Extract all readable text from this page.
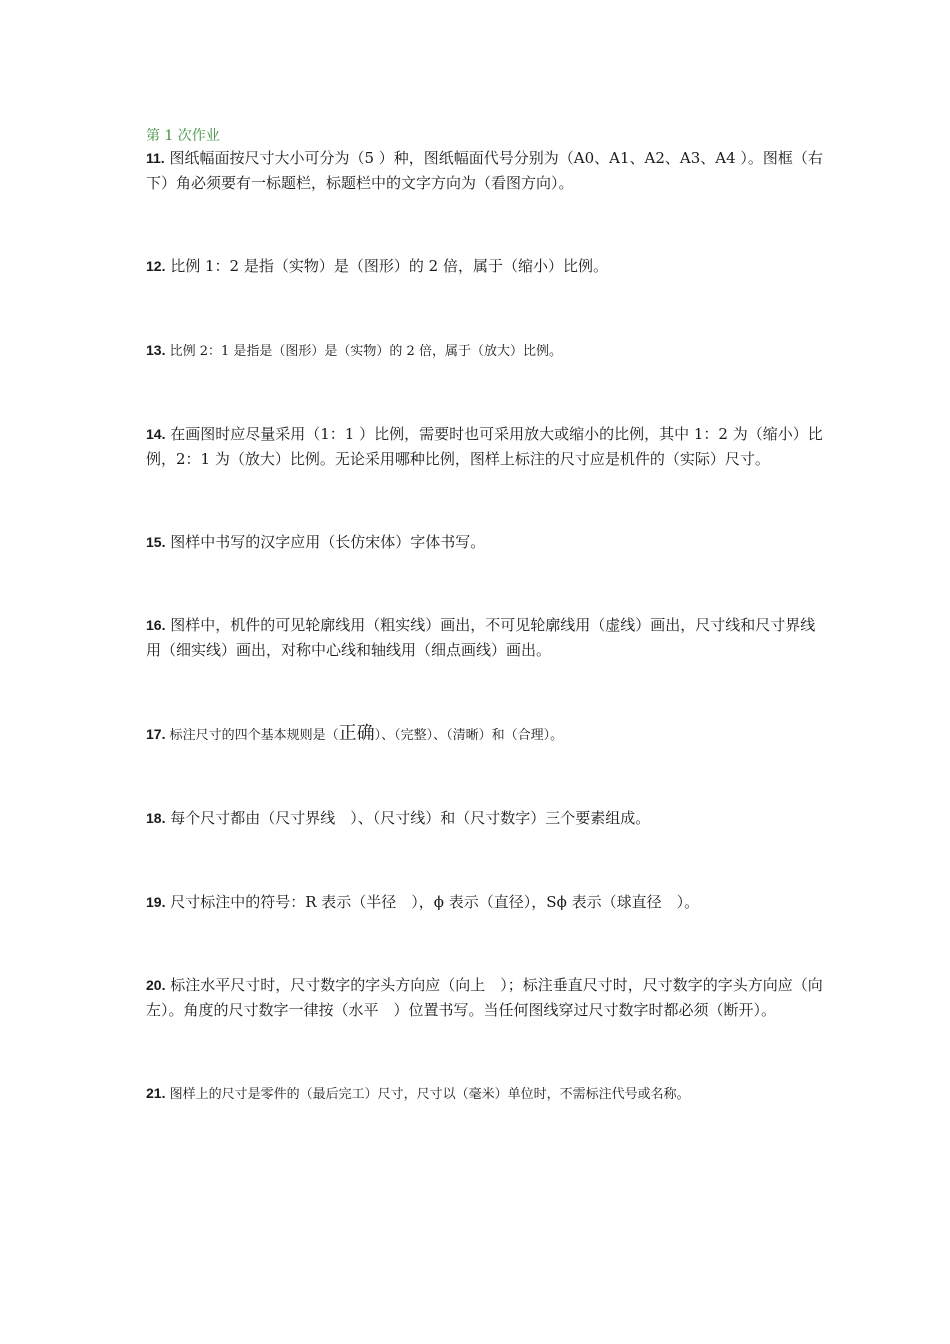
第 1 次作业

11. 图纸幅面按尺寸大小可分为（5 ）种，图纸幅面代号分别为（A0、A1、A2、A3、A4 ）。图框（右下）角必须要有一标题栏，标题栏中的文字方向为（看图方向）。

12. 比例 1：2 是指（实物）是（图形）的 2 倍，属于（缩小）比例。

13. 比例 2：1 是指是（图形）是（实物）的 2 倍，属于（放大）比例。

14. 在画图时应尽量采用（1：1 ）比例，需要时也可采用放大或缩小的比例，其中 1：2 为（缩小）比例，2：1 为（放大）比例。无论采用哪种比例，图样上标注的尺寸应是机件的（实际）尺寸。

15. 图样中书写的汉字应用（长仿宋体）字体书写。

16. 图样中，机件的可见轮廓线用（粗实线）画出，不可见轮廓线用（虚线）画出，尺寸线和尺寸界线用（细实线）画出，对称中心线和轴线用（细点画线）画出。

17. 标注尺寸的四个基本规则是（正确）、（完整）、（清晰）和（合理）。

18. 每个尺寸都由（尺寸界线　）、（尺寸线）和（尺寸数字）三个要素组成。

19. 尺寸标注中的符号：R 表示（半径　），ϕ 表示（直径），Sϕ 表示（球直径　）。

20. 标注水平尺寸时，尺寸数字的字头方向应（向上　）；标注垂直尺寸时，尺寸数字的字头方向应（向左）。角度的尺寸数字一律按（水平　）位置书写。当任何图线穿过尺寸数字时都必须（断开）。

21. 图样上的尺寸是零件的（最后完工）尺寸，尺寸以（毫米）单位时，不需标注代号或名称。
